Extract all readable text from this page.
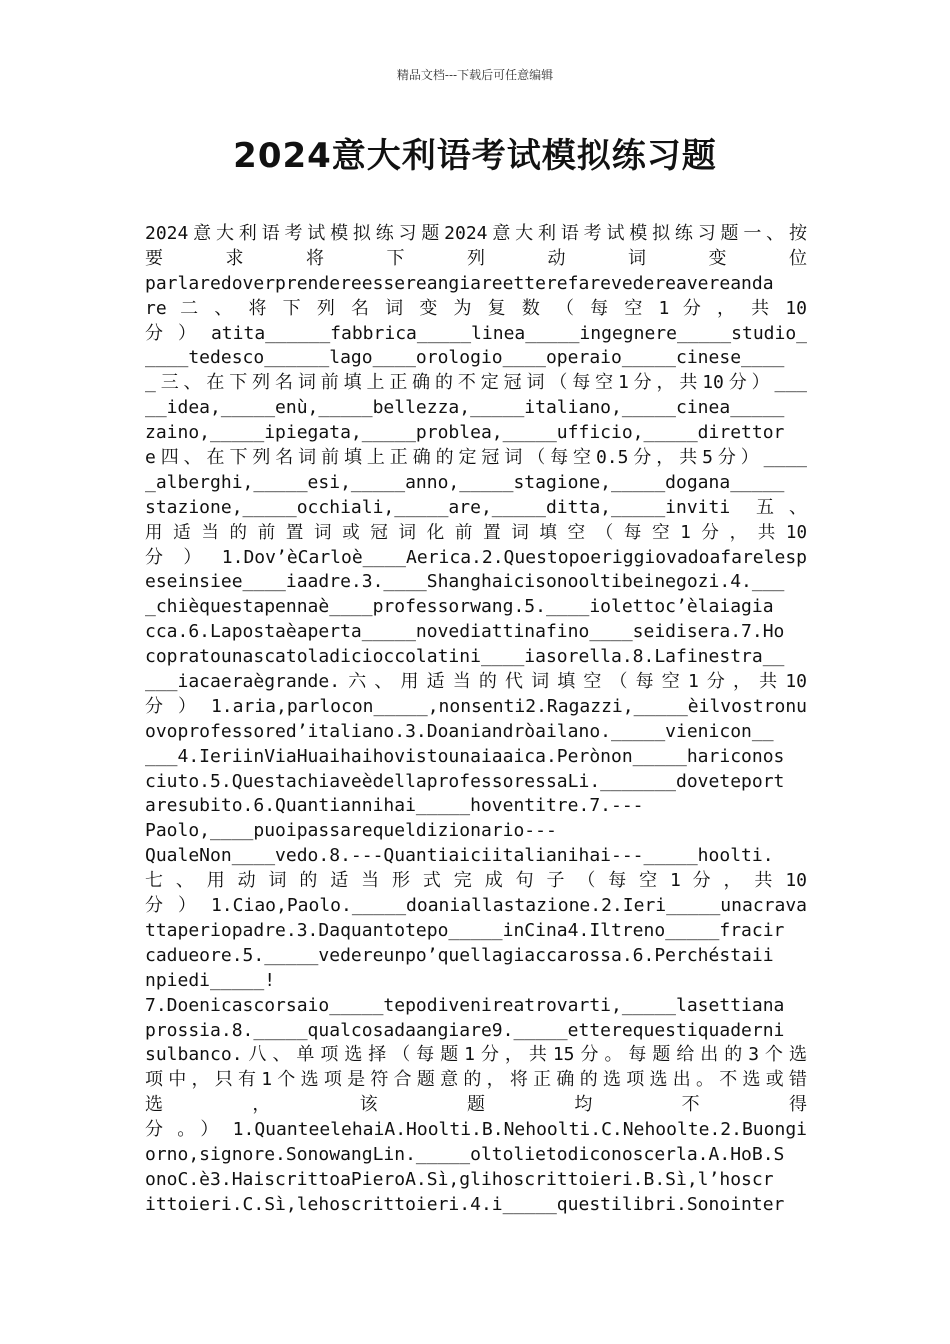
精品文档---下载后可任意编辑
2024意大利语考试模拟练习题
2024意大利语考试模拟练习题2024意大利语考试模拟练习题一、按
要 求 将 下 列 动 词 变 位
parlaredoverprendereessereangiareetterefarevedereavereanda
re 二 、 将 下 列 名 词 变 为 复 数 （ 每 空 1 分 ， 共 10
分）atita______fabbrica_____linea_____ingegnere_____studio_
____tedesco______lago____orologio____operaio_____cinese____
_三、在下列名词前填上正确的不定冠词（每空1分，共10分）___
__idea,_____enù,_____bellezza,_____italiano,_____cinea_____
zaino,_____ipiegata,_____problea,_____ufficio,_____direttor
e四、在下列名词前填上正确的定冠词（每空0.5分，共5分）____
_alberghi,_____esi,_____anno,_____stagione,_____dogana_____
stazione,_____occhiali,_____are,_____ditta,_____inviti 五、
用 适 当 的 前 置 词 或 冠 词 化 前 置 词 填 空 （ 每 空 1 分 ， 共 10
分）1.Dov’èCarloè____Aerica.2.Questopoeriggiovadoafarelesp
eseinsiee____iaadre.3.____Shanghaicisonooltibeinegozi.4.___
_chièquestapennaè____professorwang.5.____iolettoc’èlaiagia
cca.6.Lapostaèaperta_____novediattinafino____seidisera.7.Ho
copratounascatoladicioccolatini____iasorella.8.Lafinestra__
___iacaeraègrande.六、用适当的代词填空（每空1分，共10
分）1.aria,parlocon_____,nonsenti2.Ragazzi,_____èilvostronu
ovoprofessored’italiano.3.Doaniandròailano._____vienicon__
___4.IeriinViaHuaihaihovistounaiaaica.Perònon_____hariconos
ciuto.5.QuestachiaveèdellaprofessoressaLi._______doveteport
aresubito.6.Quantiannihai_____hoventitre.7.---
Paolo,____puoipassarequeldizionario---
QualeNon____vedo.8.---Quantiaiciitalianihai---_____hoolti.
七 、 用 动 词 的 适 当 形 式 完 成 句 子 （ 每 空 1 分 ， 共 10
分）1.Ciao,Paolo._____doaniallastazione.2.Ieri_____unacrava
ttaperiopadre.3.Daquantotepo_____inCina4.Iltreno_____fracir
cadueore.5._____vedereunpo’quellagiaccarossa.6.Perchéstaii
npiedi_____!
7.Doenicascorsaio_____tepodivenireatrovarti,_____lasettiana
prossia.8._____qualcosadaangiare9._____etterequestiquaderni
sulbanco.八、单项选择（每题1分，共15分。每题给出的3个选
项中，只有1个选项是符合题意的，将正确的选项选出。不选或错
选 ， 该 题 均 不 得
分。）1.QuanteelehaiA.Hoolti.B.Nehoolti.C.Nehoolte.2.Buongi
orno,signore.SonowangLin._____oltolietodiconoscerla.A.HoB.S
onoC.è3.HaiscrittoaPieroA.Sì,glihoscrittoieri.B.Sì,l’hoscr
ittoieri.C.Sì,lehoscrittoieri.4.i_____questilibri.Sonointer
